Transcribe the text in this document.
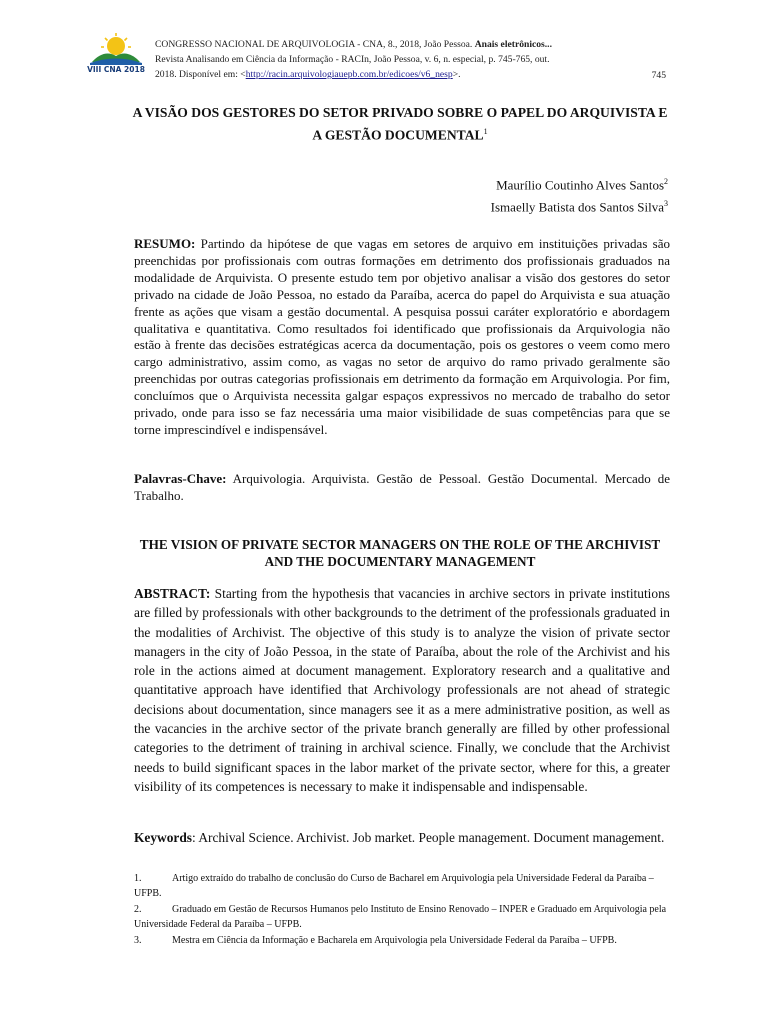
VIII CNA 2018
CONGRESSO NACIONAL DE ARQUIVOLOGIA - CNA, 8., 2018, João Pessoa. Anais eletrônicos...
Revista Analisando em Ciência da Informação - RACIn, João Pessoa, v. 6, n. especial, p. 745-765, out.
2018. Disponível em: <http://racin.arquivologiauepb.com.br/edicoes/v6_nesp>.	745
A VISÃO DOS GESTORES DO SETOR PRIVADO SOBRE O PAPEL DO ARQUIVISTA E A GESTÃO DOCUMENTAL$^1$
Maurílio Coutinho Alves Santos$^2$
Ismaelly Batista dos Santos Silva$^3$
RESUMO: Partindo da hipótese de que vagas em setores de arquivo em instituições privadas são preenchidas por profissionais com outras formações em detrimento dos profissionais graduados na modalidade de Arquivista. O presente estudo tem por objetivo analisar a visão dos gestores do setor privado na cidade de João Pessoa, no estado da Paraíba, acerca do papel do Arquivista e sua atuação frente as ações que visam a gestão documental. A pesquisa possui caráter exploratório e abordagem qualitativa e quantitativa. Como resultados foi identificado que profissionais da Arquivologia não estão à frente das decisões estratégicas acerca da documentação, pois os gestores o veem como mero cargo administrativo, assim como, as vagas no setor de arquivo do ramo privado geralmente são preenchidas por outras categorias profissionais em detrimento da formação em Arquivologia. Por fim, concluímos que o Arquivista necessita galgar espaços expressivos no mercado de trabalho do setor privado, onde para isso se faz necessária uma maior visibilidade de suas competências para que se torne imprescindível e indispensável.
Palavras-Chave: Arquivologia. Arquivista. Gestão de Pessoal. Gestão Documental. Mercado de Trabalho.
THE VISION OF PRIVATE SECTOR MANAGERS ON THE ROLE OF THE ARCHIVIST AND THE DOCUMENTARY MANAGEMENT
ABSTRACT: Starting from the hypothesis that vacancies in archive sectors in private institutions are filled by professionals with other backgrounds to the detriment of the professionals graduated in the modalities of Archivist. The objective of this study is to analyze the vision of private sector managers in the city of João Pessoa, in the state of Paraíba, about the role of the Archivist and his role in the actions aimed at document management. Exploratory research and a qualitative and quantitative approach have identified that Archivology professionals are not ahead of strategic decisions about documentation, since managers see it as a mere administrative position, as well as the vacancies in the archive sector of the private branch generally are filled by other professional categories to the detriment of training in archival science. Finally, we conclude that the Archivist needs to build significant spaces in the labor market of the private sector, where for this, a greater visibility of its competences is necessary to make it indispensable and indispensable.
Keywords: Archival Science. Archivist. Job market. People management. Document management.
1.	Artigo extraído do trabalho de conclusão do Curso de Bacharel em Arquivologia pela Universidade Federal da Paraíba – UFPB.
2.	Graduado em Gestão de Recursos Humanos pelo Instituto de Ensino Renovado – INPER e Graduado em Arquivologia pela Universidade Federal da Paraíba – UFPB.
3.	Mestra em Ciência da Informação e Bacharela em Arquivologia pela Universidade Federal da Paraíba – UFPB.
